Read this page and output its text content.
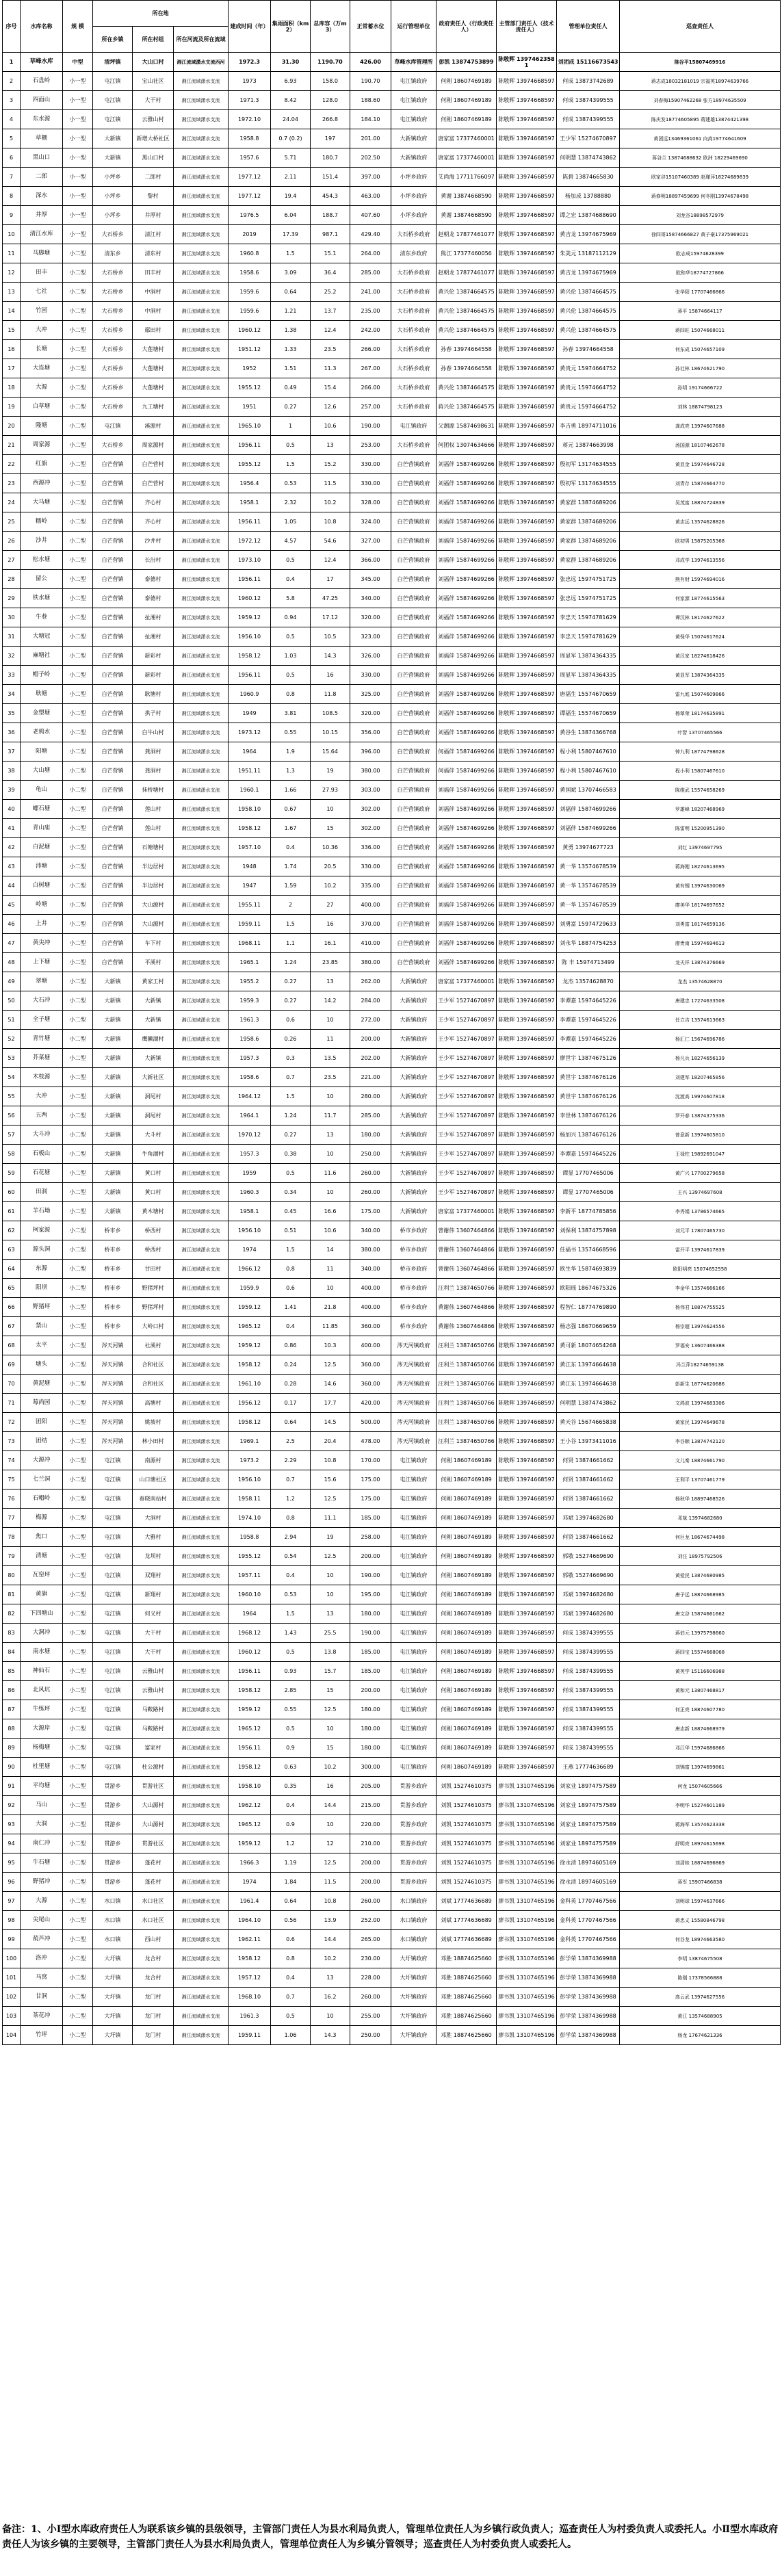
序号	水库名称	规 模	所在地			建成时间（年）	集雨面积（km2）	总库容（万m3）	正常蓄水位	运行管理单位	政府责任人（行政责任人）	主管部门责任人（技术责任人）	管理单位责任人	巡查责任人
			所在乡镇	所在村组	所在河流及所在流域									
1	草峰水库	中型	清坪镇	大山口村	湘江流域潇水支流西河	1972.3	31.30	1190.70	426.00	草峰水库管理所	彭凯 13874753899	陈敬辉 13974623581	刘团成 15116673543	陈谷平15807469916
2	石盘岭	小一型	屯江镇	宝山社区	湘江流域潇水支流	1973	6.93	158.0	190.70	屯江镇政府	何刚 18607469189	陈敬辉 13974668597	何成 13873742689	蒋志成18032181019 宗福英18974639766
3	四面山	小一型	屯江镇	大干村	湘江流域潇水支流	1971.3	8.42	128.0	188.60	屯江镇政府	何刚 18607469189	陈敬辉 13974668597	何成 13874399555	刘春梅15907462268 张方18974635509
4	东水源	小一型	屯江镇	云雅山村	湘江流域潇水支流	1972.10	24.04	266.8	184.10	屯江镇政府	何刚 18607469189	陈敬辉 13974668597	何成 13874399555	陈庆发18774605895 蒋建雄13874421398
5	草棚	小一型	大新镇	新增大桥社区	湘江流域潇水支流	1958.8	0.7 (0.2)	197	201.00	大新镇政府	唐家富 17377460001	陈敬辉 13974668597	王少军 15274670897	黄团远13469361061 向高19774641609
6	黑山口	小一型	大新镇	黑山口村	湘江流域潇水支流	1957.6	5.71	180.7	202.50	大新镇政府	唐家富 17377460001	陈敬辉 13974668597	何明慧 13874743862	蒋谷兰 13874688632 欧洲 18229469690
7	二郎	小一型	小坪乡	二郎村	湘江流域潇水支流	1977.12	2.11	151.4	397.00	小坪乡政府	艾尚海 17711766097	陈敬辉 13974668597	陈碧 13874665830	欧家谷15107460389 赵瑾萍18274689839
8	深水	小一型	小坪乡	黎村	湘江流域潇水支流	1977.12	19.4	454.3	463.00	小坪乡政府	黄谢 13874668590	陈敬辉 13974668597	杨加成 13788880	蒋修明18897459699 何冬刚13974678498
9	井厚	小一型	小坪乡	井厚村	湘江流域潇水支流	1976.5	6.04	188.7	407.60	小坪乡政府	黄谢 13874668590	陈敬辉 13974668597	谭之宏 13874688690	刘龙谷18898572979
10	清江水库	小一型	大石桥乡	清江村	湘江流域潇水支流	2019	17.39	987.1	429.40	大石桥乡政府	赵朝龙 17877461077	陈敬辉 13974668597	黄吉龙 13974675969	徐四哥15874666827 黄子豪17375969021
11	马脚塘	小二型	清东乡	清东村	湘江流域潇水支流	1960.8	1.5	15.1	264.00	清东乡政府	熊江 17377460056	陈敬辉 13974668597	朱美元 13187112129	欧志成15974628399
12	田丰	小二型	大石桥乡	田丰村	湘江流域潇水支流	1958.6	3.09	36.4	285.00	大石桥乡政府	赵朝龙 17877461077	陈敬辉 13974668597	黄吉龙 13974675969	欧和华18774727866
13	七社	小二型	大石桥乡	中洞村	湘江流域潇水支流	1959.6	0.64	25.2	241.00	大石桥乡政府	黄兴伦 13874664575	陈敬辉 13974668597	黄兴伦 13874664575	张华阳 17707466866
14	竹园	小二型	大石桥乡	中洞村	湘江流域潇水支流	1959.6	1.21	13.7	235.00	大石桥乡政府	黄兴伦 13874664575	陈敬辉 13974668597	黄兴伦 13874664575	蒋平 15874664117
15	大冲	小二型	大石桥乡	鄢田村	湘江流域潇水支流	1960.12	1.38	12.4	242.00	大石桥乡政府	黄兴伦 13874664575	陈敬辉 13974668597	黄兴伦 13874664575	蒋四旺 15074668011
16	长塘	小二型	大石桥乡	大莲塘村	湘江流域潇水支流	1951.12	1.33	23.5	266.00	大石桥乡政府	孙春 13974664558	陈敬辉 13974668597	孙春 13974664558	何东成 15074657109
17	大连塘	小二型	大石桥乡	大莲塘村	湘江流域潇水支流	1952	1.51	11.3	267.00	大石桥乡政府	孙春 13974664558	陈敬辉 13974668597	黄贵元 15974664752	孙社林 18674621790
18	大源	小二型	大石桥乡	大莲塘村	湘江流域潇水支流	1955.12	0.49	15.4	266.00	大石桥乡政府	黄兴伦 13874664575	陈敬辉 13974668597	黄贵元 15974664752	孙明 19174666722
19	白草塘	小二型	大石桥乡	九工塘村	湘江流域潇水支流	1951	0.27	12.6	257.00	大石桥乡政府	蒋兴伦 13874664575	陈敬辉 13974668597	黄贵元 15974664752	刘林 18874798123
20	隆塘	小二型	屯江镇	溪源村	湘江流域潇水支流	1965.10	1	10.6	190.00	屯江镇政府	父潮源 15874698631	陈敬辉 13974668597	李吉勇 18974711016	龚成亮 13974607688
21	周家源	小二型	大石桥乡	周家源村	湘江流域潇水支流	1956.11	0.5	13	253.00	大石桥乡政府	何团权 13074634666	陈敬辉 13974668597	蒋元 13874663998	汤国源 18107462678
22	红旗	小二型	白芒营镇	白芒营村	湘江流域潇水支流	1955.12	1.5	15.2	330.00	白芒营镇政府	刘福伴 15874699266	陈敬辉 13974668597	殷初军 13174634555	黄显金 15974646728
23	西源冲	小二型	白芒营镇	白芒营村	湘江流域潇水支流	1956.4	0.53	11.5	330.00	白芒营镇政府	刘福伴 15874699266	陈敬辉 13974668597	殷初军 13174634555	刘青存 15874664770
24	大马塘	小二型	白芒营镇	齐心村	湘江流域潇水支流	1958.1	2.32	10.2	328.00	白芒营镇政府	刘福伴 15874699266	陈敬辉 13974668597	黄家群 13874689206	吴茂富 18874724839
25	糯岭	小二型	白芒营镇	齐心村	湘江流域潇水支流	1956.11	1.05	10.8	324.00	白芒营镇政府	刘福伴 15874699266	陈敬辉 13974668597	黄家群 13874689206	黄志远 13574628826
26	沙井	小二型	白芒营镇	沙井村	湘江流域潇水支流	1972.12	4.57	54.6	327.00	白芒营镇政府	刘福伴 15874699266	陈敬辉 13974668597	黄家群 13874689206	欧初男 15875205368
27	松水塘	小二型	白芒营镇	长汾村	湘江流域潇水支流	1973.10	0.5	12.4	366.00	白芒营镇政府	刘福伴 15874699266	陈敬辉 13974668597	黄家群 13874689206	邓成学 13974613556
28	留公	小二型	白芒营镇	泰德村	湘江流域潇水支流	1956.11	0.4	17	345.00	白芒营镇政府	刘福伴 15874699266	陈敬辉 13974668597	张忠远 15974751725	熊有财 15974694016
29	铁水塘	小二型	白芒营镇	泰德村	湘江流域潇水支流	1960.12	5.8	47.25	340.00	白芒营镇政府	刘福伴 15874699266	陈敬辉 13974668597	张忠远 15974751725	何家源 18774615563
30	牛巷	小二型	白芒营镇	扯湘村	湘江流域潇水支流	1959.12	0.94	17.12	320.00	白芒营镇政府	刘福伴 15874699266	陈敬辉 13974668597	李忠天 15974781629	谭汉林 18174627622
31	大塘冠	小二型	白芒营镇	扯湘村	湘江流域潇水支流	1956.10	0.5	10.5	323.00	白芒营镇政府	刘福伴 15874699266	陈敬辉 13974668597	李忠天 15974781629	黄保华 15074617624
32	麻塘社	小二型	白芒营镇	新彩村	湘江流域潇水支流	1958.12	1.03	14.3	326.00	白芒营镇政府	刘福伴 15874699266	陈敬辉 13974668597	周显军 13874364335	黄汉家 18274618426
33	帽子岭	小二型	白芒营镇	新彩村	湘江流域潇水支流	1956.11	0.5	16	330.00	白芒营镇政府	刘福伴 15874699266	陈敬辉 13974668597	周显军 13874364335	黄显军 13874364335
34	耿塘	小二型	白芒营镇	耿塘村	湘江流域潇水支流	1960.9	0.8	11.8	325.00	白芒营镇政府	刘福伴 15874699266	陈敬辉 13974668597	唐福生 15574670659	雷九庭 15074609866
35	金塑塘	小二型	白芒营镇	拱子村	湘江流域潇水支流	1949	3.81	108.5	320.00	白芒营镇政府	刘福伴 15874699266	陈敬辉 13974668597	谭福生 15574670659	杨翠荣 18174635891
36	老鸦水	小二型	白芒营镇	白牛山村	湘江流域潇水支流	1973.12	0.55	10.15	356.00	白芒营镇政府	刘福伴 15874699266	陈敬辉 13974668597	黄谷生 13874366768	叶智 13707465566
37	阳塘	小二型	白芒营镇	龚洞村	湘江流域潇水支流	1964	1.9	15.64	396.00	白芒营镇政府	何福伴 15874699266	陈敬辉 13974668597	程小利 15807467610	钟九利 18774798628
38	大山塘	小二型	白芒营镇	龚洞村	湘江流域潇水支流	1951.11	1.3	19	380.00	白芒营镇政府	何福伴 15874699266	陈敬辉 13974668597	程小利 15807467610	程小利 15807467610
39	龟山	小二型	白芒营镇	抹桥塘村	湘江流域潇水支流	1960.1	1.66	27.93	303.00	白芒营镇政府	刘福伴 15874699266	陈敬辉 13974668597	黄国斌 13707466583	陈维武 15574658269
40	螺石塘	小二型	白芒营镇	莲山村	湘江流域潇水支流	1958.10	0.67	10	302.00	白芒营镇政府	刘福伴 15874699266	陈敬辉 13974668597	刘福伴 15874699266	罗雄峰 18207468969
41	青山庙	小二型	白芒营镇	莲山村	湘江流域潇水支流	1958.12	1.67	15	302.00	白芒营镇政府	刘福伴 15874699266	陈敬辉 13974668597	刘福伴 15874699266	陈雷明 15200951390
42	白泥塘	小二型	白芒营镇	石塘塘村	湘江流域潇水支流	1957.10	0.4	10.36	336.00	白芒营镇政府	刘福伴 15874699266	陈敬辉 13974668597	黄勇 13974677723	刘红 13974697795
43	沛塘	小二型	白芒营镇	半边居村	湘江流域潇水支流	1948	1.74	20.5	330.00	白芒营镇政府	刘福伴 15874699266	陈敬辉 13974668597	黄一华 13574678539	蒋海刚 18274613695
44	白树塘	小二型	白芒营镇	半边居村	湘江流域潇水支流	1947	1.59	10.2	335.00	白芒营镇政府	刘福伴 15874699266	陈敬辉 13974668597	黄一华 13574678539	黄有钢 13974630069
45	岭塘	小二型	白芒营镇	大山源村	湘江流域潇水支流	1955.11	2	27	400.00	白芒营镇政府	刘福伴 15874699266	陈敬辉 13974668597	黄一华 13574678539	廖美华 18174697652
46	上井	小二型	白芒营镇	大山源村	湘江流域潇水支流	1959.11	1.5	16	370.00	白芒营镇政府	刘福伴 15874699266	陈敬辉 13974668597	刘勇富 15974729633	刘勇富 18174659136
47	黄尖冲	小二型	白芒营镇	车下村	湘江流域潇水支流	1968.11	1.1	16.1	410.00	白芒营镇政府	刘福伴 15874699266	陈敬辉 13974668597	刘永华 18874754253	廖贵南 15974694613
48	上下塘	小二型	白芒营镇	平溪村	湘江流域潇水支流	1965.1	1.24	23.85	380.00	白芒营镇政府	刘福伴 15874699266	陈敬辉 13974668597	陈 丰 15974713499	龙天祥 13874376669
49	翠塘	小二型	大新镇	黄家工村	湘江流域潇水支流	1955.2	0.27	13	262.00	大新镇政府	唐家富 17377460001	陈敬辉 13974668597	龙杰 13574628870	龙杰 13574628870
50	大石冲	小二型	大新镇	大新镇	湘江流域潇水支流	1959.3	0.27	14.2	284.00	大新镇政府	王少军 15274670897	陈敬辉 13974668597	李谭嘉 15974645226	唐建忠 17274633508
51	全子塘	小二型	大新镇	大新镇	湘江流域潇水支流	1961.3	0.6	10	272.00	大新镇政府	王少军 15274670897	陈敬辉 13974668597	李谭嘉 15974645226	任立吉 13574613663
52	青竹塘	小二型	大新镇	鹰獭湖村	湘江流域潇水支流	1958.6	0.26	11	200.00	大新镇政府	王少军 15274670897	陈敬辉 13974668597	李谭嘉 15974645226	杨汇仁 15674696786
53	芥菜塘	小二型	大新镇	大新镇	湘江流域潇水支流	1957.3	0.3	13.5	202.00	大新镇政府	王少军 15274670897	陈敬辉 13974668597	廖世宇 13874675126	杨凡兵 18274656139
54	木枝源	小二型	大新镇	大新社区	湘江流域潇水支流	1958.6	0.7	23.5	221.00	大新镇政府	王少军 15274670897	陈敬辉 13974668597	黄世宇 13874676126	刘建军 18207465856
55	大冲	小二型	大新镇	洞尾村	湘江流域潇水支流	1964.12	1.5	10	280.00	大新镇政府	王少军 15274670897	陈敬辉 13974668597	黄世宇 13874676126	沈渡高 19974607818
56	五两	小二型	大新镇	洞尾村	湘江流域潇水支流	1964.1	1.24	11.7	285.00	大新镇政府	王少军 15274670897	陈敬辉 13974668597	李世林 13874676126	罗开春 13874375336
57	大斗冲	小二型	大新镇	大斗村	湘江流域潇水支流	1970.12	0.27	13	180.00	大新镇政府	王少军 15274670897	陈敬辉 13974668597	杨加兴 13874676126	曾意新 13974605810
58	石板山	小二型	大新镇	牛角湖村	湘江流域潇水支流	1957.3	0.38	10	250.00	大新镇政府	王少军 15274670897	陈敬辉 13974668597	李谭嘉 15974645226	王禄柱 19892691047
59	石花塘	小二型	大新镇	黄口村	湘江流域潇水支流	1959	0.5	11.6	260.00	大新镇政府	王少军 15274670897	陈敬辉 13974668597	谭显 17707465006	黄广兴 17700279658
60	田洞	小二型	大新镇	黄口村	湘江流域潇水支流	1960.3	0.34	10	260.00	大新镇政府	王少军 15274670897	陈敬辉 13974668597	谭显 17707465006	王兴 13974697608
61	羊石坳	小二型	大新镇	黄木塘村	湘江流域潇水支流	1958.1	0.45	16.6	175.00	大新镇政府	唐家富 17377460001	陈敬辉 13974668597	李新平 18774785856	李秀娟 13786574665
62	柯家源	小二型	桥市乡	桥西村	湘江流域潇水支流	1956.10	0.51	10.6	340.00	桥市乡政府	曾谢伟 13607464866	陈敬辉 13974668597	刘保利 13874757898	刘元平 17807465730
63	源头洞	小二型	桥市乡	桥西村	湘江流域潇水支流	1974	1.5	14	380.00	桥市乡政府	曾谢伟 13607464866	陈敬辉 13974668597	任福书 13574668596	雷开平 13974617839
64	东源	小二型	桥市乡	甘田村	湘江流域潇水支流	1966.12	0.8	11	340.00	桥市乡政府	曾谢伟 13607464866	陈敬辉 13974668597	欧生华 15874693839	欧阳明亮 15074652558
65	阳坝	小二型	桥市乡	野猪坪村	湘江流域潇水支流	1959.9	0.6	10	400.00	桥市乡政府	汪利兰 13874650766	陈敬辉 13974668597	欧阳瑶 18674675326	李金华 13574666166
66	野猪坪	小二型	桥市乡	野猪坪村	湘江流域潇水支流	1959.12	1.41	21.8	400.00	桥市乡政府	黄谢伟 13607464866	陈敬辉 13974668597	程智仁 18774769890	杨伟君 18874755525
67	禁山	小二型	桥市乡	大岭口村	湘江流域潇水支流	1965.12	0.4	11.85	360.00	桥市乡政府	黄谢伟 13607464866	陈敬辉 13974668597	杨志强 18670669659	杨宗超 13974624556
68	太平	小二型	涔天河镇	社溪村	湘江流域潇水支流	1959.12	0.86	10.3	400.00	涔天河镇政府	汪利兰 13874650766	陈敬辉 13974668597	黄可新 18074654268	罗福安 13607466388
69	塘头	小二型	涔天河镇	合和社区	湘江流域潇水支流	1958.12	0.24	12.5	360.00	涔天河镇政府	汪利兰 13874650766	陈敬辉 13974668597	黄江东 13974664638	冯兰萍18274659138
70	黄泥塘	小二型	涔天河镇	合和社区	湘江流域潇水支流	1961.10	0.28	14.6	360.00	涔天河镇政府	汪利兰 13874650766	陈敬辉 13974668597	黄江东 13974664638	彭新生 18774620686
71	莓尚园	小二型	涔天河镇	高塘村	湘江流域潇水支流	1956.12	0.17	17.7	420.00	涔天河镇政府	汪利兰 13874650766	陈敬辉 13974668597	何明慧 13874743862	文鸿波 13974683306
72	团阳	小二型	涔天河镇	姚坡村	湘江流域潇水支流	1958.12	0.64	14.5	500.00	涔天河镇政府	汪利兰 13874650766	陈敬辉 13974668597	黄天谷 15674665838	黄家民 13974649678
73	团结	小二型	涔天河镇	林小田村	湘江流域潇水支流	1969.1	2.5	20.4	478.00	涔天河镇政府	汪利兰 13874650766	陈敬辉 13974668597	王小谷 13973411016	李谷顺 13874742120
74	大源冲	小二型	屯江镇	南源村	湘江流域潇水支流	1973.2	2.29	10.8	170.00	屯江镇政府	何刚 18607469189	陈敬辉 13974668597	何贤 13874661662	文儿秦 18874661790
75	七兰洞	小二型	屯江镇	山口塘社区	湘江流域潇水支流	1956.10	0.7	15.6	175.00	屯江镇政府	何刚 18607469189	陈敬辉 13974668597	何贤 13874661662	王利平 13707461779
76	石帽岭	小二型	屯江镇	春晓南站村	湘江流域潇水支流	1958.11	1.2	12.5	175.00	屯江镇政府	何刚 18607469189	陈敬辉 13974668597	何贤 13874661662	杨秋华 18897468526
77	梅源	小二型	屯江镇	大洞村	湘江流域潇水支流	1974.10	0.8	11.1	185.00	屯江镇政府	何刚 18607469189	陈敬辉 13974668597	邓斌 13974682680	邓斌 13974682680
78	焦口	小二型	屯江镇	大雅村	湘江流域潇水支流	1958.8	2.94	19	258.00	屯江镇政府	何刚 18607469189	陈敬辉 13974668597	何贤 13874661662	何巨龙 18674674498
79	清塘	小二型	屯江镇	龙坝村	湘江流域潇水支流	1955.12	0.54	12.5	200.00	屯江镇政府	何刚 18607469189	陈敬辉 13974668597	郭敬 15274669690	刘汪 18975792506
80	瓦窑坪	小二型	屯江镇	双翔村	湘江流域潇水支流	1957.11	0.4	10	190.00	屯江镇政府	何刚 18607469189	陈敬辉 13974668597	郭敬 15274669690	黄爱民 13874680985
81	黄旗	小二型	屯江镇	新翔村	湘江流域潇水支流	1960.10	0.53	10	195.00	屯江镇政府	何刚 18607469189	陈敬辉 13974668597	邓斌 13974682680	唐子远 18874668985
82	下四塘山	小二型	屯江镇	何义村	湘江流域潇水支流	1964	1.5	13	180.00	屯江镇政府	何刚 18607469189	陈敬辉 13974668597	邓斌 13974682680	唐文谷 15874661662
83	大洞冲	小二型	屯江镇	大干村	湘江流域潇水支流	1968.12	1.43	25.5	190.00	屯江镇政府	何刚 18607469189	陈敬辉 13974668597	何成 13874399555	蒋伯元 13975798660
84	南水塘	小二型	屯江镇	大干村	湘江流域潇水支流	1960.12	0.5	13.8	185.00	屯江镇政府	何刚 18607469189	陈敬辉 13974668597	何成 13874399555	蒋四宝 15574668068
85	神仙石	小二型	屯江镇	云雅山村	湘江流域潇水支流	1956.11	0.93	15.7	185.00	屯江镇政府	何刚 18607469189	陈敬辉 13974668597	何成 13874399555	黄英学 15116606988
86	北风坑	小二型	屯江镇	云雅山村	湘江流域潇水支流	1958.12	2.85	15	200.00	屯江镇政府	何刚 18607469189	陈敬辉 13974668597	何成 13874399555	黄和元 13807468817
87	牛练坪	小二型	屯江镇	马鞍路村	湘江流域潇水支流	1959.12	0.55	12.5	180.00	屯江镇政府	何刚 18607469189	陈敬辉 13974668597	何成 13874399555	何正亮 18874607780
88	大源岸	小二型	屯江镇	马鞍路村	湘江流域潇水支流	1965.12	0.5	10	180.00	屯江镇政府	何刚 18607469189	陈敬辉 13974668597	何成 13874399555	唐志新 18874668979
89	杨梅塘	小二型	屯江镇	富家村	湘江流域潇水支流	1956.11	0.9	15	180.00	屯江镇政府	何刚 18607469189	陈敬辉 13974668597	何成 13874399555	邓江华 15974686866
90	杜里塘	小二型	屯江镇	杜公源村	湘江流域潇水支流	1958.12	0.63	10.2	300.00	屯江镇政府	何刚 18607469189	陈敬辉 13974668597	王燕 17774636689	刘锦富 13974699861
91	平均塘	小二型	贯游乡	贯游社区	湘江流域潇水支流	1958.10	0.35	16	205.00	贯游乡政府	刘凯 15274610375	廖书凯 13107465196	刘家业 18974757589	何龙 15074605666
92	马山	小二型	贯游乡	大山源村	湘江流域潇水支流	1962.12	0.4	14.4	215.00	贯游乡政府	刘凯 15274610375	廖书凯 13107465196	刘家业 18974757589	李明华 15274601189
93	大洞	小二型	贯游乡	大山源村	湘江流域潇水支流	1965.12	0.9	10	220.00	贯游乡政府	刘凯 15274610375	廖书凯 13107465196	刘家业 18974757589	蒋海军 13574623338
94	南仁冲	小二型	贯游乡	贯游社区	湘江流域潇水支流	1959.12	1.2	12	210.00	贯游乡政府	刘凯 15274610375	廖书凯 13107465196	刘家业 18974757589	舒明亮 18974615698
95	牛石塘	小二型	贯游乡	蓬花村	湘江流域潇水支流	1966.3	1.19	12.5	200.00	贯游乡政府	刘凯 15274610375	廖书凯 13107465196	徐永清 18974605169	刘清桂 18874696869
96	野猪冲	小二型	贯游乡	蓬花村	湘江流域潇水支流	1974	1.84	11.5	200.00	贯游乡政府	刘凯 15274610375	廖书凯 13107465196	徐永清 18974605169	蒋军 15907466838
97	大源	小二型	水口镇	水口社区	湘江流域潇水支流	1961.4	0.64	10.8	260.00	水口镇政府	刘斌 17774636689	廖书凯 13107465196	金科英 17707467566	刘明球 15974637666
98	尖尾山	小二型	水口镇	水口社区	湘江流域潇水支流	1964.10	0.56	13.9	252.00	水口镇政府	刘斌 17774636689	廖书凯 13107465196	金科英 17707467566	蒋忠义 15580846798
99	葫芦冲	小二型	水口镇	西山村	湘江流域潇水支流	1962.11	0.6	14.4	265.00	水口镇政府	刘斌 17774636689	廖书凯 13107465196	金科英 17707467566	何谷龙 18974663580
100	洛冲	小二型	大圩镇	龙合村	湘江流域潇水支流	1958.12	0.8	10.2	230.00	大圩镇政府	邓胜 18874625660	廖书凯 13107465196	彭学荣 13874369988	李明 13874675508
101	马窝	小二型	大圩镇	龙合村	湘江流域潇水支流	1957.12	0.4	13	228.00	大圩镇政府	邓胜 18874625660	廖书凯 13107465196	彭学荣 13874369988	陈刚 17378566888
102	甘洞	小二型	大圩镇	龙门村	湘江流域潇水支流	1968.10	0.7	16.2	260.00	大圩镇政府	邓胜 18874625660	廖书凯 13107465196	彭学荣 13874369988	高云武 13974627556
103	茶花冲	小二型	大圩镇	龙门村	湘江流域潇水支流	1961.3	0.5	10	255.00	大圩镇政府	邓胜 18874625660	廖书凯 13107465196	彭学荣 13874369988	黄江 13574688905
104	竹坪	小二型	大圩镇	龙门村	湘江流域潇水支流	1959.11	1.06	14.3	250.00	大圩镇政府	邓胜 18874625660	廖书凯 13107465196	彭学荣 13874369988	杨龙 17674621336
备注：1、小Ⅰ型水库政府责任人为联系该乡镇的县级领导，主管部门责任人为县水利局负责人，管理单位责任人为乡镇行政负责人；巡查责任人为村委负责人或委托人。小Ⅱ型水库政府责任人为该乡镇的主要领导，主管部门责任人为县水利局负责人，管理单位责任人为乡镇分管领导；巡查责任人为村委负责人或委托人。
